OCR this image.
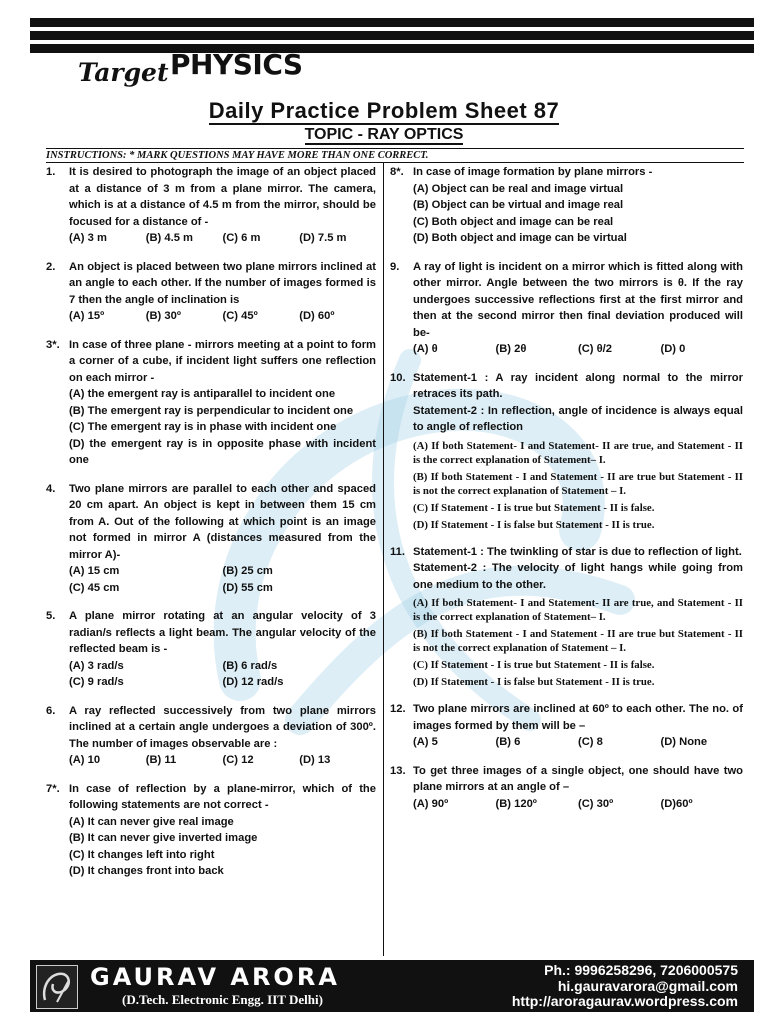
Target PHYSICS
Daily Practice Problem Sheet 87
TOPIC - RAY OPTICS
INSTRUCTIONS: * MARK QUESTIONS MAY HAVE MORE THAN ONE CORRECT.
1.	It is desired to photograph the image of an object placed at a distance of 3 m from a plane mirror. The camera, which is at a distance of 4.5 m from the mirror, should be focused for a distance of -
(A) 3 m	(B) 4.5 m	(C) 6 m	(D) 7.5 m
2.	An object is placed between two plane mirrors inclined at an angle to each other. If the number of images formed is 7 then the angle of inclination is
(A) 15º	(B) 30º	(C) 45º	(D) 60º
3*. In case of three plane - mirrors meeting at a point to form a corner of a cube, if incident light suffers one reflection on each mirror -
(A) the emergent ray is antiparallel to incident one
(B) The emergent ray is perpendicular to incident one
(C) The emergent ray is in phase with incident one
(D) the emergent ray is in opposite phase with incident one
4.	Two plane mirrors are parallel to each other and spaced 20 cm apart. An object is kept in between them 15 cm from A. Out of the following at which point is an image not formed in mirror A (distances measured from the mirror A)-
(A) 15 cm	(B) 25 cm
(C) 45 cm	(D) 55 cm
5.	A plane mirror rotating at an angular velocity of 3 radian/s reflects a light beam. The angular velocity of the reflected beam is -
(A) 3 rad/s	(B) 6 rad/s
(C) 9 rad/s	(D) 12 rad/s
6.	A ray reflected successively from two plane mirrors inclined at a certain angle undergoes a deviation of 300º. The number of images observable are :
(A) 10	(B) 11	(C) 12	(D) 13
7*. In case of reflection by a plane-mirror, which of the following statements are not correct -
(A) It can never give real image
(B) It can never give inverted image
(C) It changes left into right
(D) It changes front into back
8*. In case of image formation by plane mirrors -
(A) Object can be real and image virtual
(B) Object can be virtual and image real
(C) Both object and image can be real
(D) Both object and image can be virtual
9.	A ray of light is incident on a mirror which is fitted along with other mirror. Angle between the two mirrors is θ. If the ray undergoes successive reflections first at the first mirror and then at the second mirror then final deviation produced will be-
(A) θ	(B) 2θ	(C) θ/2	(D) 0
10. Statement-1 : A ray incident along normal to the mirror retraces its path.
Statement-2 : In reflection, angle of incidence is always equal to angle of reflection
(A) If both Statement- I and Statement- II are true, and Statement - II is the correct explanation of Statement– I.
(B) If both Statement - I and Statement - II are true but Statement - II is not the correct explanation of Statement – I.
(C) If Statement - I is true but Statement - II is false.
(D) If Statement - I is false but Statement - II is true.
11. Statement-1 : The twinkling of star is due to reflection of light.
Statement-2 : The velocity of light hangs while going from one medium to the other.
(A) If both Statement- I and Statement- II are true, and Statement - II is the correct explanation of Statement– I.
(B) If both Statement - I and Statement - II are true but Statement - II is not the correct explanation of Statement – I.
(C) If Statement - I is true but Statement - II is false.
(D) If Statement - I is false but Statement - II is true.
12. Two plane mirrors are inclined at 60º to each other. The no. of images formed by them will be –
(A) 5	(B) 6	(C) 8	(D) None
13. To get three images of a single object, one should have two plane mirrors at an angle of –
(A) 90º	(B) 120º	(C) 30º	(D)60º
GAURAV ARORA
(D.Tech. Electronic Engg. IIT Delhi)
Ph.: 9996258296, 7206000575
hi.gauravarora@gmail.com
http://aroragaurav.wordpress.com
